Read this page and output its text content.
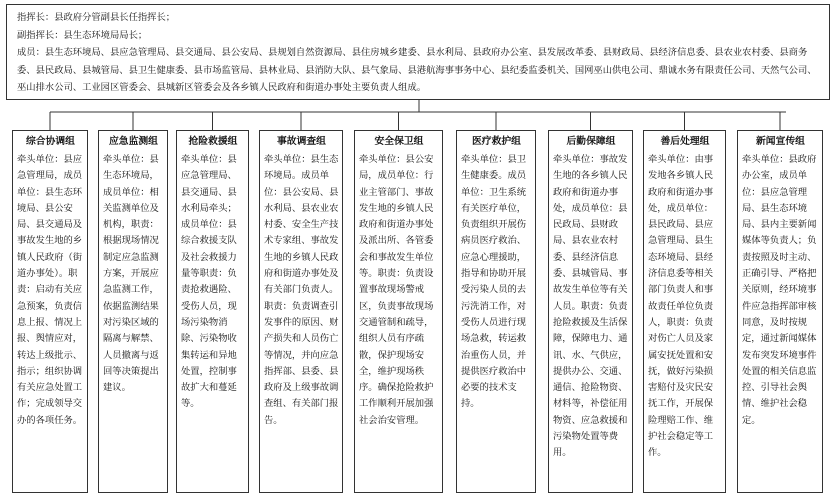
指挥长：县政府分管副县长任指挥长；
副指挥长：县生态环境局局长；
成员：县生态环境局、县应急管理局、县交通局、县公安局、县规划自然资源局、县住房城乡建委、县水利局、县政府办公室、县发展改革委、县财政局、县经济信息委、县农业农村委、县商务委、县民政局、县城管局、县卫生健康委、县市场监管局、县林业局、县消防大队、县气象局、县港航海事事务中心、县纪委监委机关、国网巫山供电公司、鼎诚水务有限责任公司、天然气公司、巫山排水公司、工业园区管委会、县城新区管委会及各乡镇人民政府和街道办事处主要负责人组成。
综合协调组
牵头单位：县应急管理局，成员单位：县生态环境局、县公安局、县交通局及事故发生地的乡镇人民政府（街道办事处）。职责：启动有关应急预案，负责信息上报、情况上报、舆情应对，转达上级批示、指示；组织协调有关应急处置工作；完成领导交办的各项任务。
应急监测组
牵头单位：县生态环境局，成员单位：相关监测单位及机构，职责：根据现场情况制定应急监测方案，开展应急监测工作，依据监测结果对污染区域的隔离与解禁、人员撤离与返回等决策提出建议。
抢险救援组
牵头单位：县应急管理局、县交通局、县水利局牵头；成员单位：县综合救援支队及社会救援力量等职责：负责抢救遇险、受伤人员，现场污染物消除、污染物收集转运和异地处置，控制事故扩大和蔓延等。
事故调查组
牵头单位：县生态环境局。成员单位：县公安局、县水利局、县农业农村委、安全生产技术专家组、事故发生地的乡镇人民政府和街道办事处及有关部门负责人。职责：负责调查引发事件的原因、财产损失和人员伤亡等情况，并向应急指挥部、县委、县政府及上级事故调查组、有关部门报告。
安全保卫组
牵头单位：县公安局，成员单位：行业主管部门、事故发生地的乡镇人民政府和街道办事处及派出所、各管委会和事故发生单位等。职责：负责设置事故现场警戒区，负责事故现场交通管制和疏导，组织人员有序疏散，保护现场安全，维护现场秩序。确保抢险救护工作顺利开展加强社会治安管理。
医疗救护组
牵头单位：县卫生健康委。成员单位：卫生系统有关医疗单位，负责组织开展伤病员医疗救治、应急心理援助，指导和协助开展受污染人员的去污洗消工作，对受伤人员进行现场急救，转运救治重伤人员，并提供医疗救治中必要的技术支持。
后勤保障组
牵头单位：事故发生地的各乡镇人民政府和街道办事处，成员单位：县民政局、县财政局、县农业农村委、县经济信息委、县城管局、事故发生单位等有关人员。职责：负责抢险救援及生活保障，保障电力、通讯、水、气供应，提供办公、交通、通信、抢险物资、材料等，补偿征用物资、应急救援和污染物处置等费用。
善后处理组
牵头单位：由事发地各乡镇人民政府和街道办事处，成员单位：县民政局、县应急管理局、县生态环境局、县经济信息委等相关部门负责人和事故责任单位负责人，职责：负责对伤亡人员及家属安抚处置和安抚，做好污染损害赔付及灾民安抚工作，开展保险理赔工作、维护社会稳定等工作。
新闻宣传组
牵头单位：县政府办公室，成员单位：县应急管理局、县生态环境局、县内主要新闻媒体等负责人；负责按照及时主动、正确引导、严格把关原则，经环境事件应急指挥部审核同意，及时按规定，通过新闻媒体发布突发环境事件处置的相关信息监控、引导社会舆情、维护社会稳定。
